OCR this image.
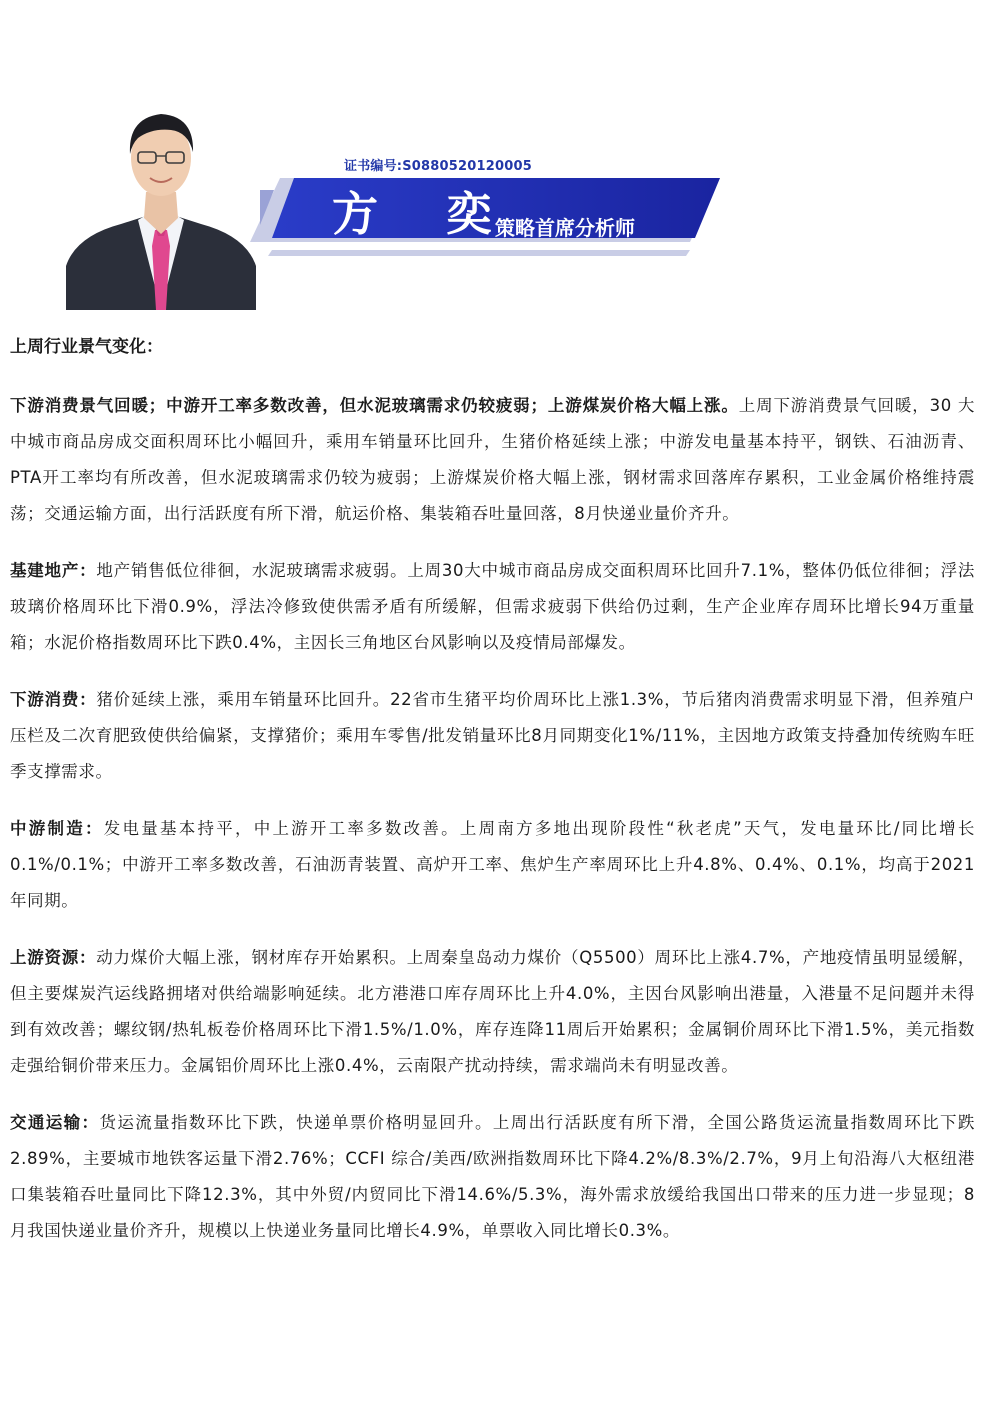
证书编号:S0880520120005
方 奕
策略首席分析师
上周行业景气变化：

下游消费景气回暖；中游开工率多数改善，但水泥玻璃需求仍较疲弱；上游煤炭价格大幅上涨。上周下游消费景气回暖，30 大中城市商品房成交面积周环比小幅回升，乘用车销量环比回升，生猪价格延续上涨；中游发电量基本持平，钢铁、石油沥青、PTA开工率均有所改善，但水泥玻璃需求仍较为疲弱；上游煤炭价格大幅上涨，钢材需求回落库存累积，工业金属价格维持震荡；交通运输方面，出行活跃度有所下滑，航运价格、集装箱吞吐量回落，8月快递业量价齐升。

基建地产：地产销售低位徘徊，水泥玻璃需求疲弱。上周30大中城市商品房成交面积周环比回升7.1%，整体仍低位徘徊；浮法玻璃价格周环比下滑0.9%，浮法冷修致使供需矛盾有所缓解，但需求疲弱下供给仍过剩，生产企业库存周环比增长94万重量箱；水泥价格指数周环比下跌0.4%，主因长三角地区台风影响以及疫情局部爆发。

下游消费：猪价延续上涨，乘用车销量环比回升。22省市生猪平均价周环比上涨1.3%，节后猪肉消费需求明显下滑，但养殖户压栏及二次育肥致使供给偏紧，支撑猪价；乘用车零售/批发销量环比8月同期变化1%/11%，主因地方政策支持叠加传统购车旺季支撑需求。

中游制造：发电量基本持平，中上游开工率多数改善。上周南方多地出现阶段性“秋老虎”天气，发电量环比/同比增长0.1%/0.1%；中游开工率多数改善，石油沥青装置、高炉开工率、焦炉生产率周环比上升4.8%、0.4%、0.1%，均高于2021年同期。

上游资源：动力煤价大幅上涨，钢材库存开始累积。上周秦皇岛动力煤价（Q5500）周环比上涨4.7%，产地疫情虽明显缓解，但主要煤炭汽运线路拥堵对供给端影响延续。北方港港口库存周环比上升4.0%，主因台风影响出港量，入港量不足问题并未得到有效改善；螺纹钢/热轧板卷价格周环比下滑1.5%/1.0%，库存连降11周后开始累积；金属铜价周环比下滑1.5%，美元指数走强给铜价带来压力。金属铝价周环比上涨0.4%，云南限产扰动持续，需求端尚未有明显改善。

交通运输：货运流量指数环比下跌，快递单票价格明显回升。上周出行活跃度有所下滑，全国公路货运流量指数周环比下跌2.89%，主要城市地铁客运量下滑2.76%；CCFI 综合/美西/欧洲指数周环比下降4.2%/8.3%/2.7%，9月上旬沿海八大枢纽港口集装箱吞吐量同比下降12.3%，其中外贸/内贸同比下滑14.6%/5.3%，海外需求放缓给我国出口带来的压力进一步显现；8月我国快递业量价齐升，规模以上快递业务量同比增长4.9%，单票收入同比增长0.3%。
